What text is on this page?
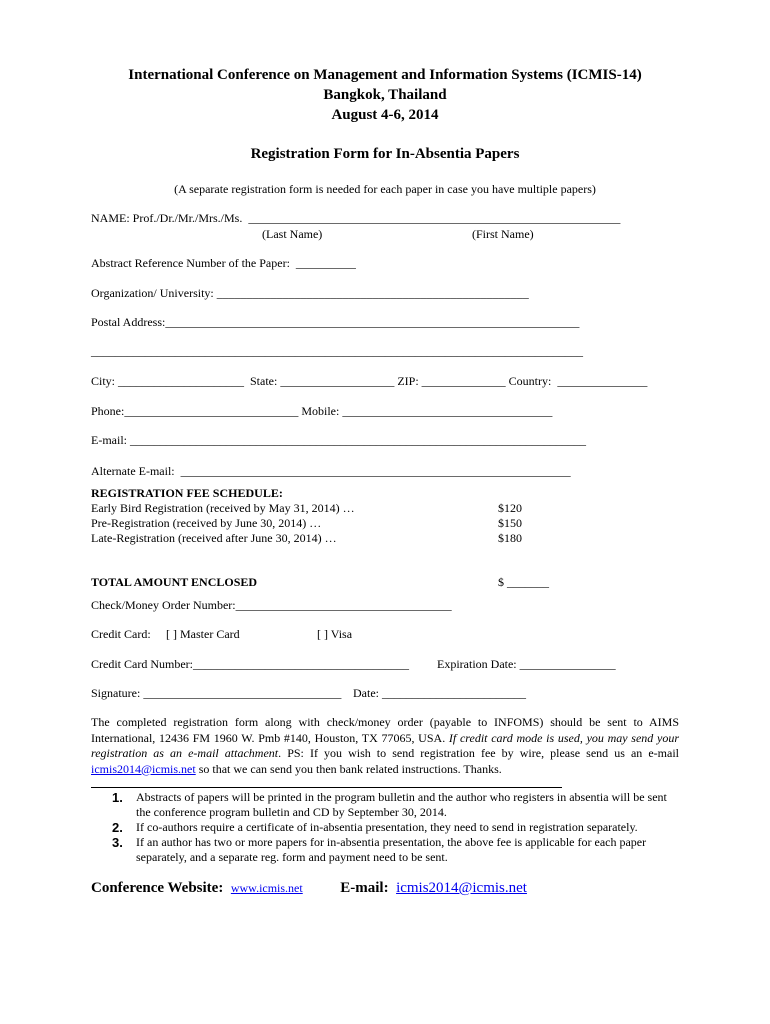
International Conference on Management and Information Systems (ICMIS-14)
Bangkok, Thailand
August 4-6, 2014
Registration Form for In-Absentia Papers
(A separate registration form is needed for each paper in case you have multiple papers)
NAME: Prof./Dr./Mr./Mrs./Ms.  ______________________________________________________________
(Last Name)	(First Name)
Abstract Reference Number of the Paper:  __________
Organization/ University: ____________________________________________________
Postal Address:_____________________________________________________________________
__________________________________________________________________________________
City: _____________________  State: ___________________ ZIP: ______________ Country:  _______________
Phone:_____________________________ Mobile: ___________________________________
E-mail: ____________________________________________________________________________
Alternate E-mail:  _________________________________________________________________
REGISTRATION FEE SCHEDULE:
Early Bird Registration (received by May 31, 2014) …	$120
Pre-Registration (received by June 30, 2014) …	$150
Late-Registration (received after June 30, 2014) …	$180
TOTAL AMOUNT ENCLOSED	$ _______
Check/Money Order Number:____________________________________
Credit Card: [ ] Master Card	[ ] Visa
Credit Card Number:____________________________________ Expiration Date: ________________
Signature: _________________________________ Date: ________________________
The completed registration form along with check/money order (payable to INFOMS) should be sent to AIMS International, 12436 FM 1960 W. Pmb #140, Houston, TX 77065, USA. If credit card mode is used, you may send your registration as an e-mail attachment. PS: If you wish to send registration fee by wire, please send us an e-mail icmis2014@icmis.net so that we can send you then bank related instructions. Thanks.
1. Abstracts of papers will be printed in the program bulletin and the author who registers in absentia will be sent the conference program bulletin and CD by September 30, 2014.
2. If co-authors require a certificate of in-absentia presentation, they need to send in registration separately.
3. If an author has two or more papers for in-absentia presentation, the above fee is applicable for each paper separately, and a separate reg. form and payment need to be sent.
Conference Website: www.icmis.net	E-mail: icmis2014@icmis.net
